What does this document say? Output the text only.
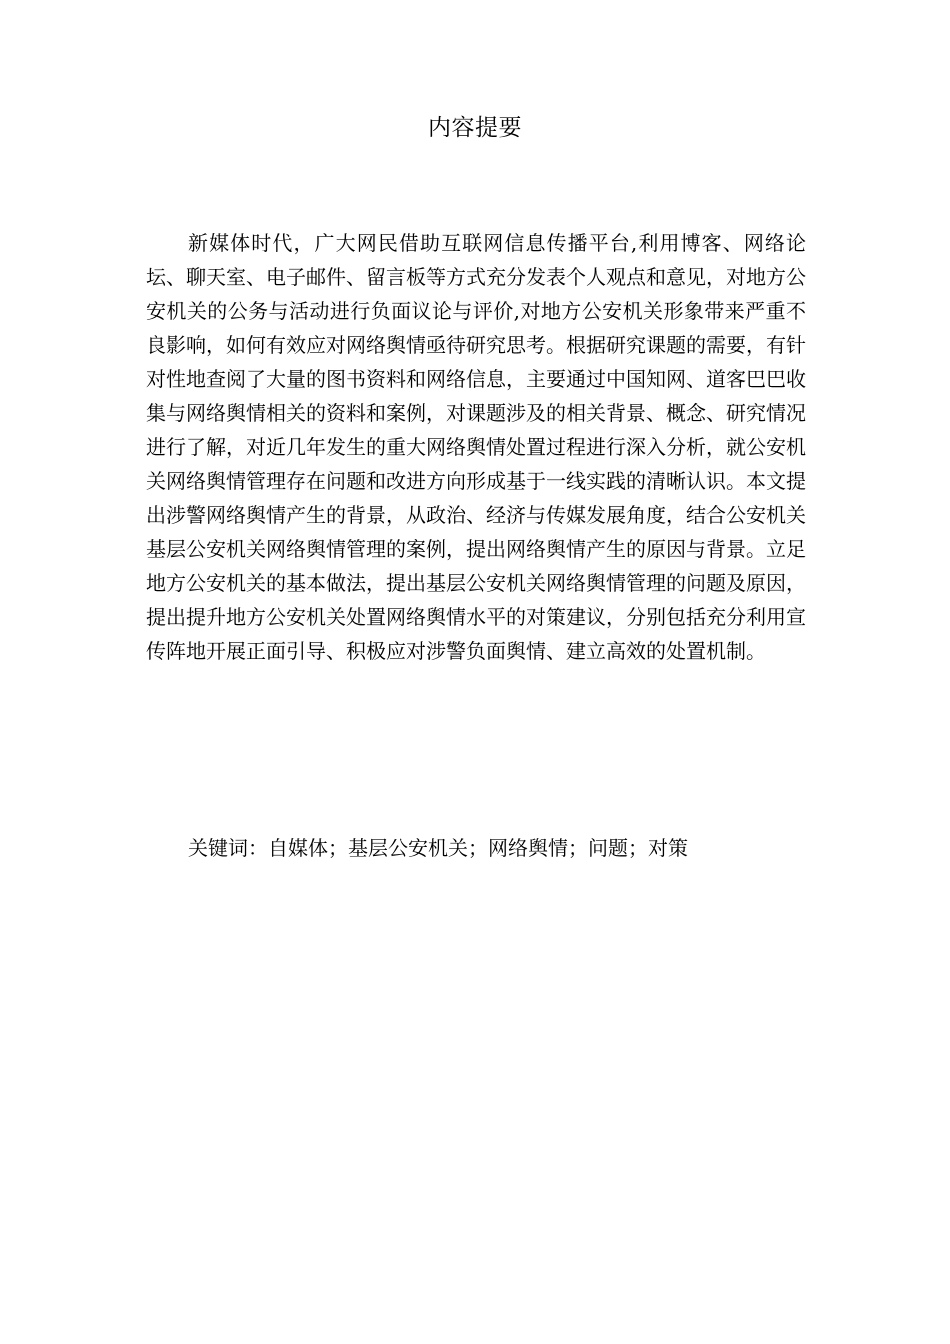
内容提要

新媒体时代，广大网民借助互联网信息传播平台,利用博客、网络论坛、聊天室、电子邮件、留言板等方式充分发表个人观点和意见，对地方公安机关的公务与活动进行负面议论与评价,对地方公安机关形象带来严重不良影响，如何有效应对网络舆情亟待研究思考。根据研究课题的需要，有针对性地查阅了大量的图书资料和网络信息，主要通过中国知网、道客巴巴收集与网络舆情相关的资料和案例，对课题涉及的相关背景、概念、研究情况进行了解，对近几年发生的重大网络舆情处置过程进行深入分析，就公安机关网络舆情管理存在问题和改进方向形成基于一线实践的清晰认识。本文提出涉警网络舆情产生的背景，从政治、经济与传媒发展角度，结合公安机关基层公安机关网络舆情管理的案例，提出网络舆情产生的原因与背景。立足地方公安机关的基本做法，提出基层公安机关网络舆情管理的问题及原因，提出提升地方公安机关处置网络舆情水平的对策建议，分别包括充分利用宣传阵地开展正面引导、积极应对涉警负面舆情、建立高效的处置机制。

关键词：自媒体；基层公安机关；网络舆情；问题；对策
